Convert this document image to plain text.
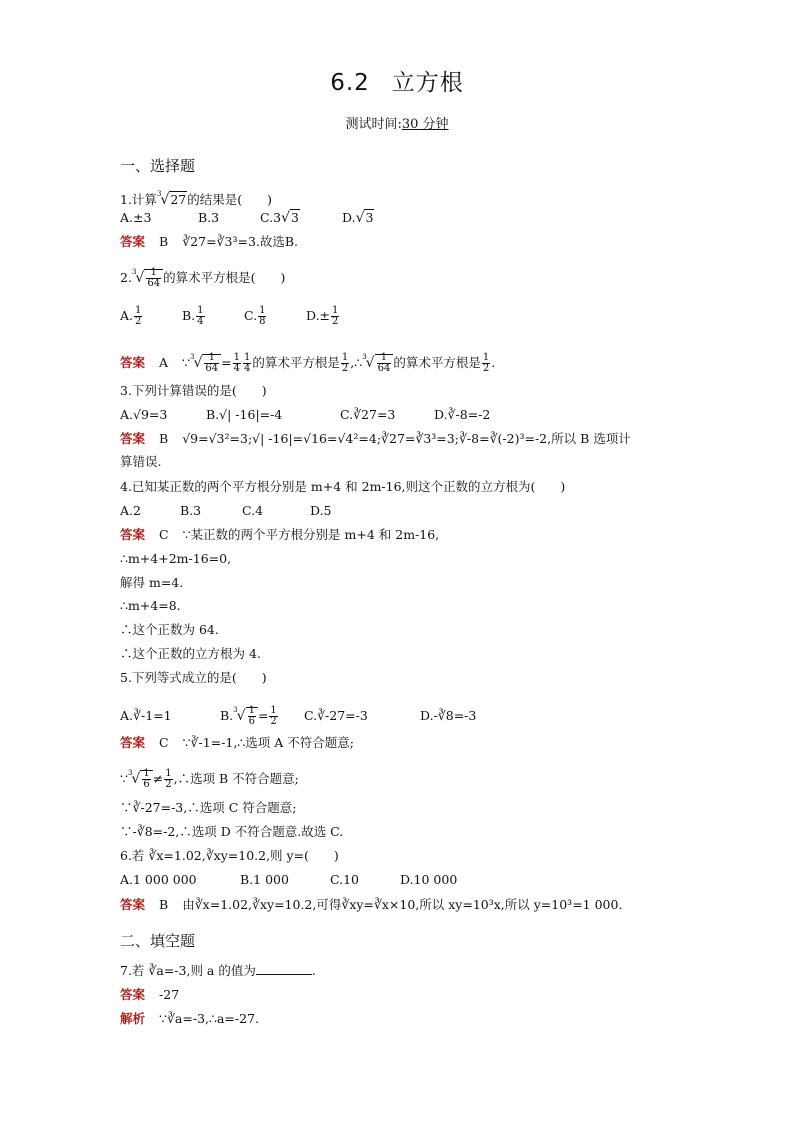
6.2 立方根
测试时间:30 分钟
一、选择题
1.计算$^3$√27的结果是(　　)
A.±3	B.3	C.3√3	D.√3
答案 B ∛27=∛3³=3.故选B.
$2.^3√ \frac{1}{64}$ 的算术平方根是(　　)
A. $\frac{1}{2}$	B. $\frac{1}{4}$	C. $\frac{1}{8}$	$D.\pm \frac{1}{2}$
答案 A ∵$^3$√ $\frac{1}{64} = \frac{1}{4} \frac{1}{4}$ 的算术平方根是 $\frac{1}{2}$ ,∴$^3$√ $\frac{1}{64}$ 的算术平方根是 $\frac{1}{2}$ .
3.下列计算错误的是(　　)
A.√9=3	B.√| -16|=-4	C.∛27=3	D.∛-8=-2
答案 B √9=√3²=3;√| -16|=√16=√4²=4;∛27=∛3³=3;∛-8=∛(-2)³=-2,所以 B 选项计
算错误.
4.已知某正数的两个平方根分别是 m+4 和 2m-16,则这个正数的立方根为(　　)
A.2	B.3	C.4	D.5
答案 C ∵某正数的两个平方根分别是 m+4 和 2m-16,
∴m+4+2m-16=0,
解得 m=4.
∴m+4=8.
∴这个正数为 64.
∴这个正数的立方根为 4.
5.下列等式成立的是(　　)
A.∛-1=1	$B.^3√ \frac{1}{6} = \frac{1}{2}$ C.∛-27=-3	D.-∛8=-3
答案 C ∵∛-1=-1,∴选项 A 不符合题意;
∵$^3$√ $\frac{1}{6} \ne \frac{1}{2}$ ,∴选项 B 不符合题意;
∵∛-27=-3,∴选项 C 符合题意;
∵-∛8=-2,∴选项 D 不符合题意.故选 C.
6.若 ∛x=1.02,∛xy=10.2,则 y=(　　)
A.1 000 000	B.1 000	C.10	D.10 000
答案 B 由∛x=1.02,∛xy=10.2,可得∛xy=∛x×10,所以 xy=10³x,所以 y=10³=1 000.
二、填空题
7.若 ∛a=-3,则 a 的值为	.
答案 -27
解析 ∵∛a=-3,∴a=-27.
